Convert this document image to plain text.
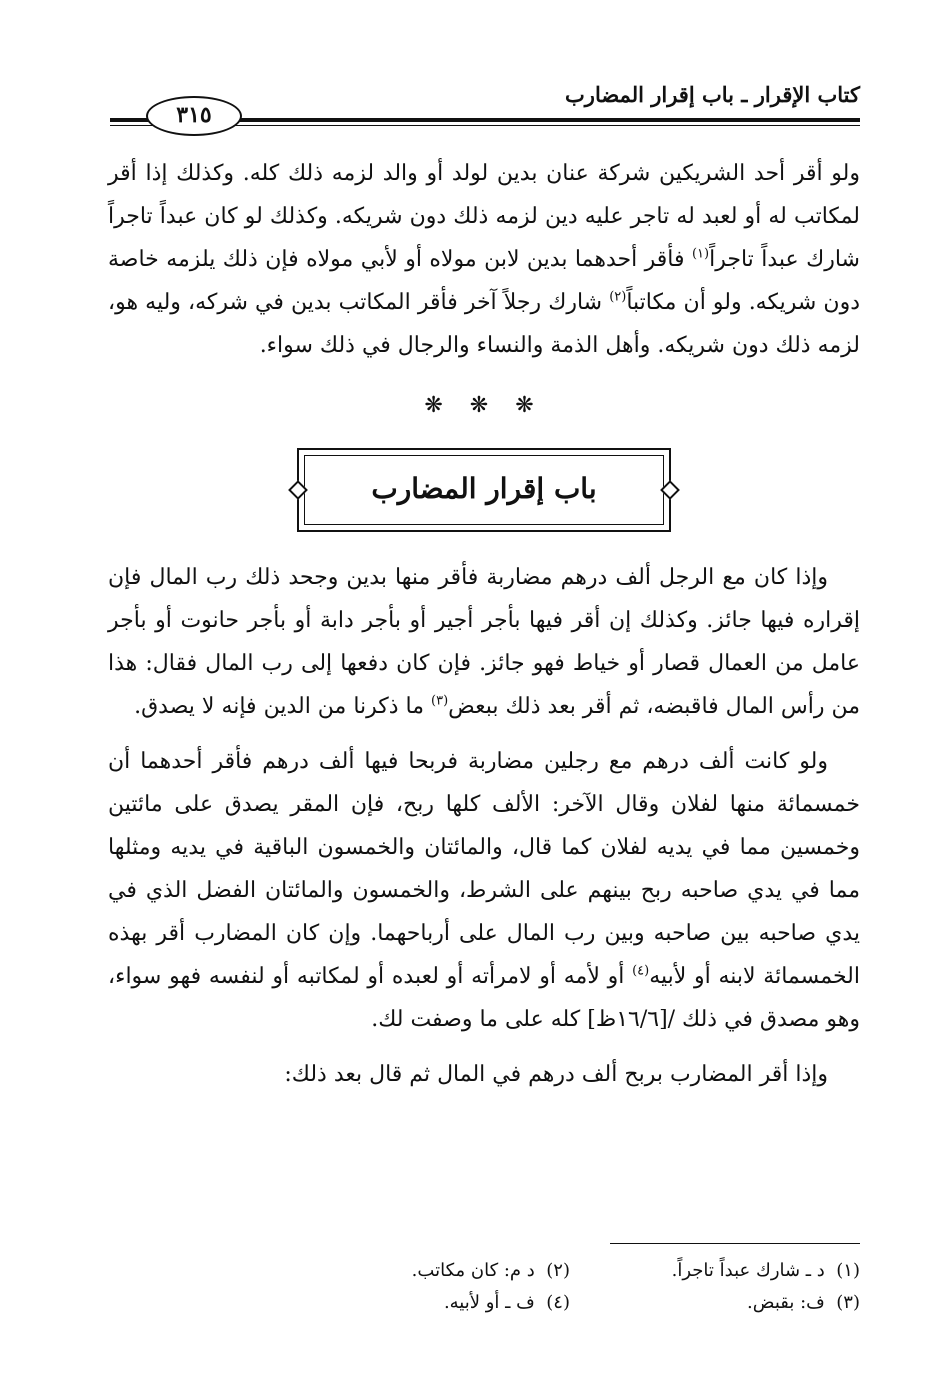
كتاب الإقرار ـ باب إقرار المضارب
٣١٥

ولو أقر أحد الشريكين شركة عنان بدين لولد أو والد لزمه ذلك كله. وكذلك إذا أقر لمكاتب له أو لعبد له تاجر عليه دين لزمه ذلك دون شريكه. وكذلك لو كان عبداً تاجراً شارك عبداً تاجراً$^{(١)}$ فأقر أحدهما بدين لابن مولاه أو لأبي مولاه فإن ذلك يلزمه خاصة دون شريكه. ولو أن مكاتباً$^{(٢)}$ شارك رجلاً آخر فأقر المكاتب بدين في شركه، وليه هو، لزمه ذلك دون شريكه. وأهل الذمة والنساء والرجال في ذلك سواء.

❋ ❋ ❋
باب إقرار المضارب

وإذا كان مع الرجل ألف درهم مضاربة فأقر منها بدين وجحد ذلك رب المال فإن إقراره فيها جائز. وكذلك إن أقر فيها بأجر أجير أو بأجر دابة أو بأجر حانوت أو بأجر عامل من العمال قصار أو خياط فهو جائز. فإن كان دفعها إلى رب المال فقال: هذا من رأس المال فاقبضه، ثم أقر بعد ذلك ببعض$^{(٣)}$ ما ذكرنا من الدين فإنه لا يصدق.

ولو كانت ألف درهم مع رجلين مضاربة فربحا فيها ألف درهم فأقر أحدهما أن خمسمائة منها لفلان وقال الآخر: الألف كلها ربح، فإن المقر يصدق على مائتين وخمسين مما في يديه لفلان كما قال، والمائتان والخمسون الباقية في يديه ومثلها مما في يدي صاحبه ربح بينهم على الشرط، والخمسون والمائتان الفضل الذي في يدي صاحبه بين صاحبه وبين رب المال على أرباحهما. وإن كان المضارب أقر بهذه الخمسمائة لابنه أو لأبيه$^{(٤)}$ أو لأمه أو لامرأته أو لعبده أو لمكاتبه أو لنفسه فهو سواء، وهو مصدق في ذلك /[١٦/٦ظ] كله على ما وصفت لك.

وإذا أقر المضارب بربح ألف درهم في المال ثم قال بعد ذلك:

(١)  د ـ شارك عبداً تاجراً.
(٢)  د م: كان مكاتب.
(٣)  ف: بقبض.
(٤)  ف ـ أو لأبيه.
